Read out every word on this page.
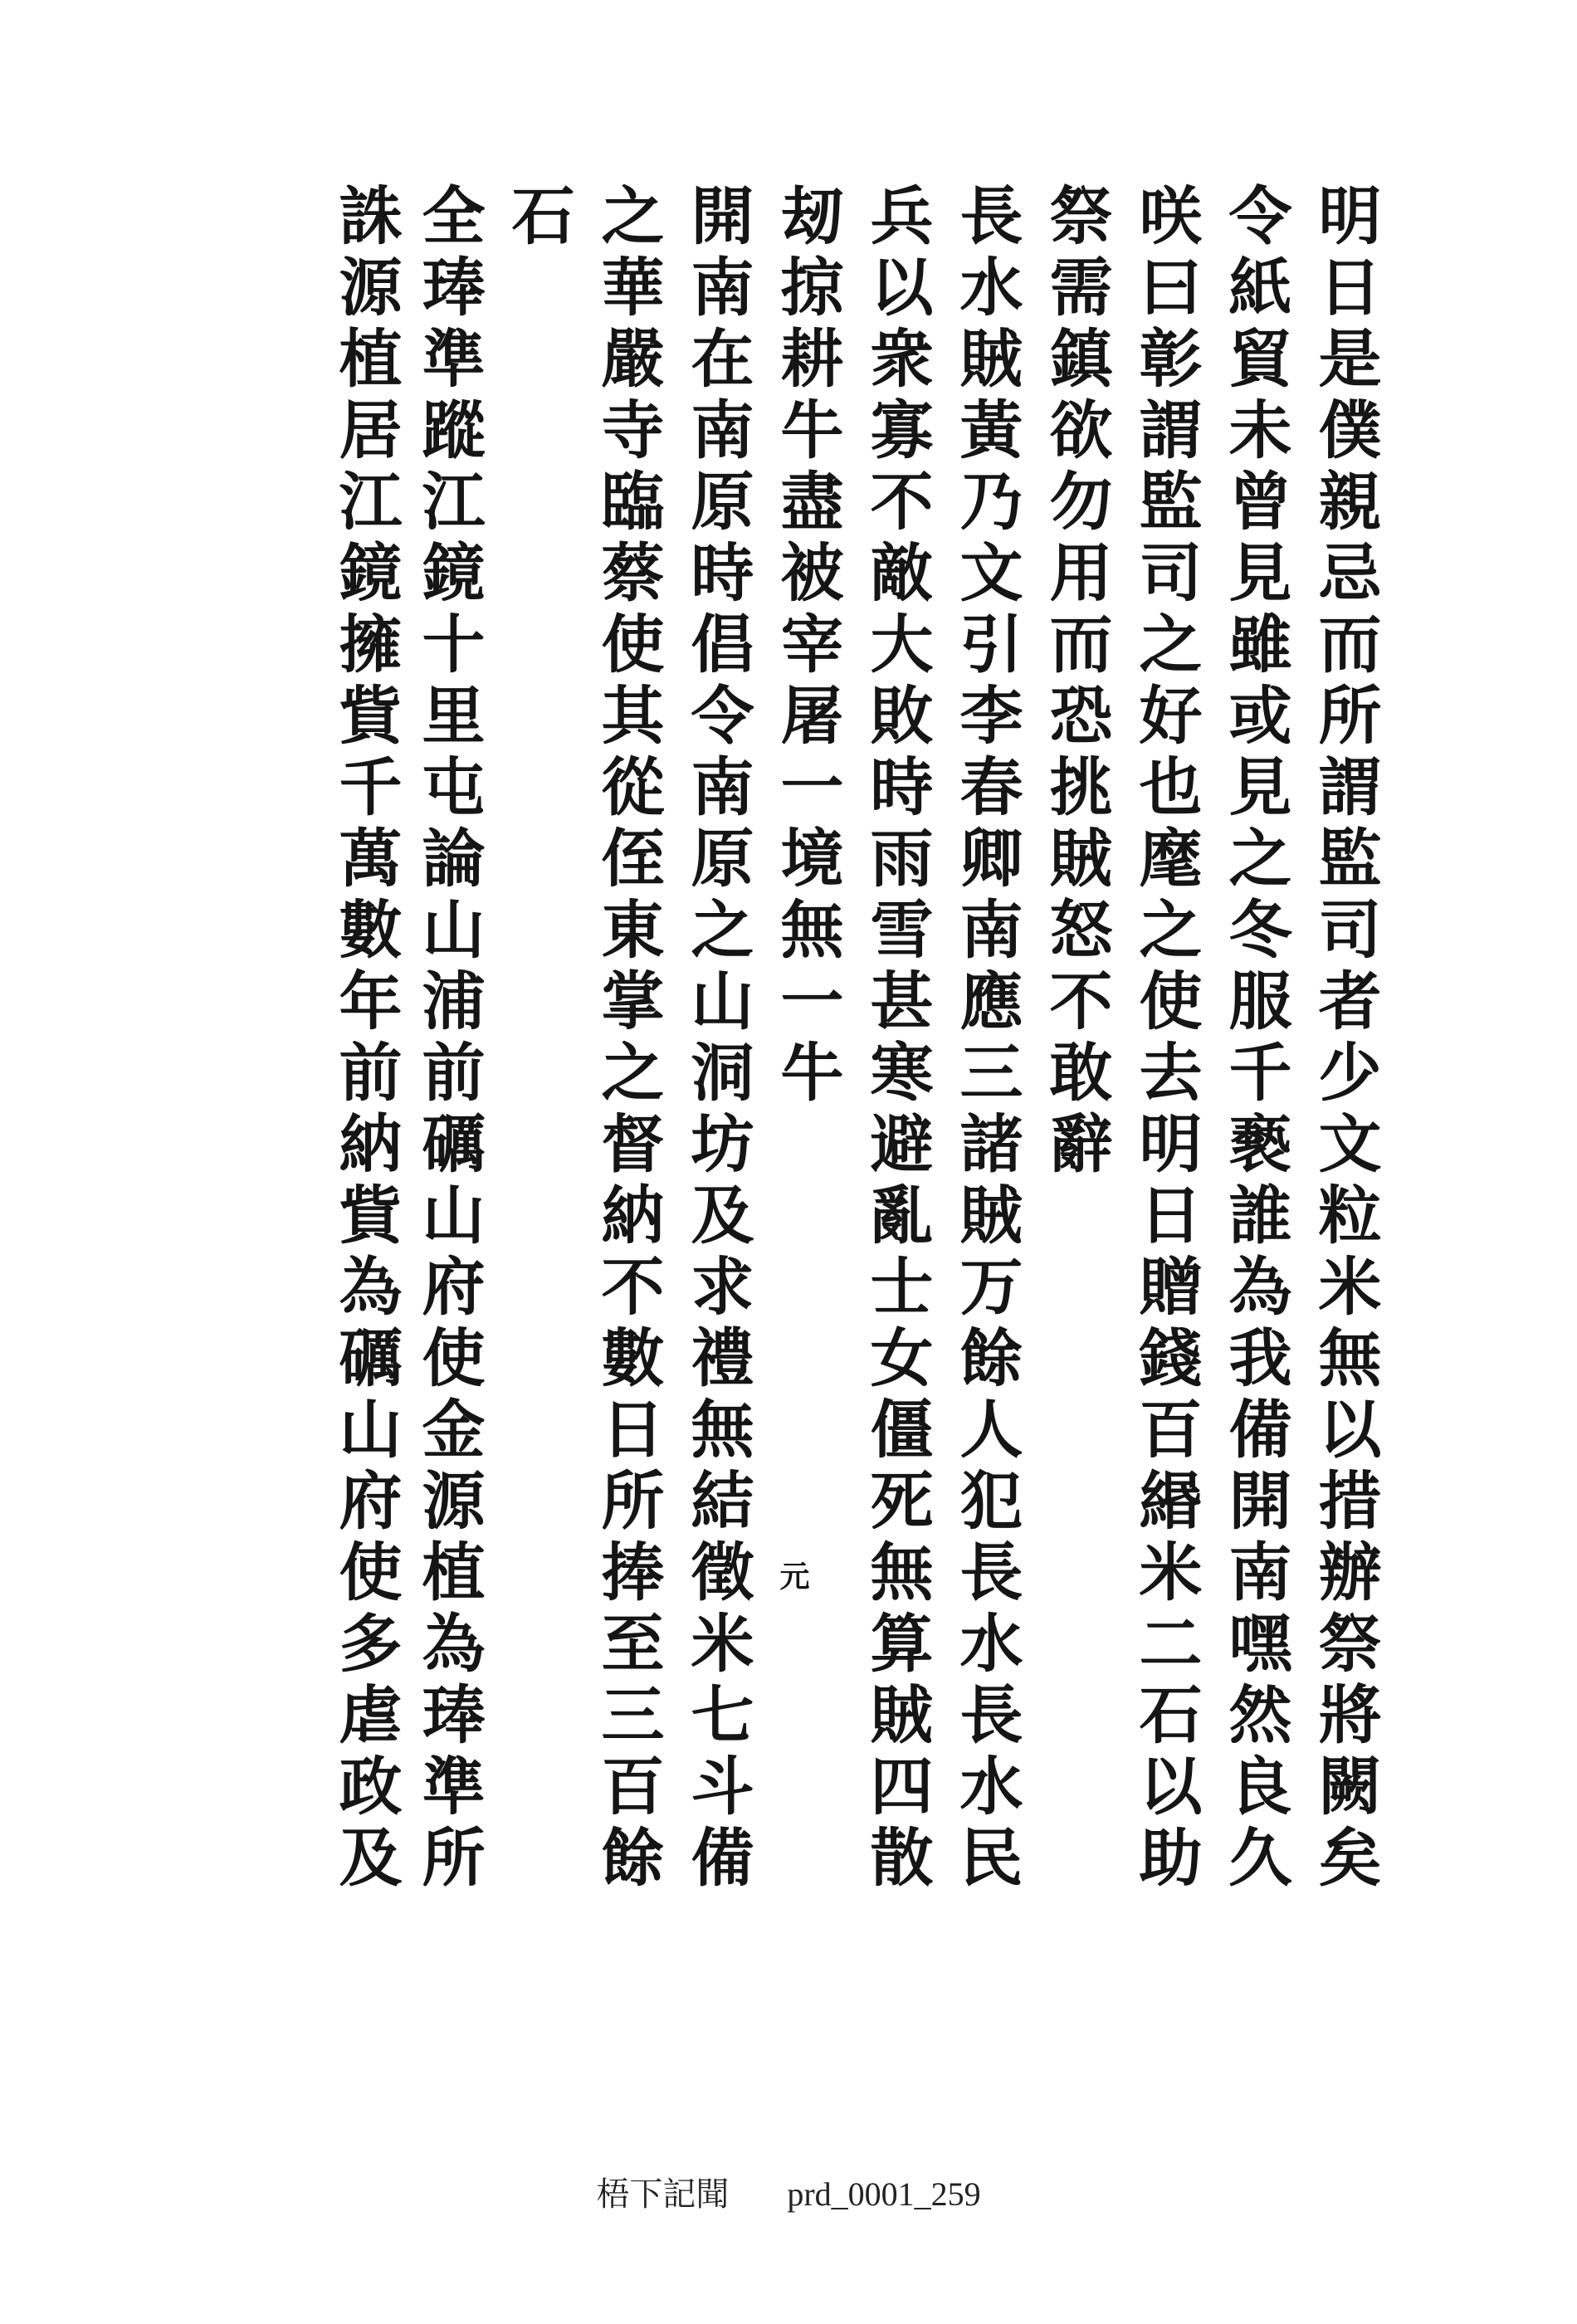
明日是僕親忌而所謂監司者少文粒米無以措辦祭將闕矣
令紙貿未曾見雖或見之冬服千褻誰為我備開南嘿然良久
咲曰彰謂監司之好也麾之使去明日贈錢百緡米二石以助
祭需鎮欲勿用而恐挑賊怒不敢辭
長水賊黃乃文引李春卿南應三諸賊万餘人犯長水長水民
兵以衆寡不敵大敗時雨雪甚寒避亂士女僵死無算賊四散
刼掠耕牛盡被宰屠一境無一牛
開南在南原時倡令南原之山洞坊及求禮無結徵米七斗備
之華嚴寺臨蔡使其從侄東掌之督納不數日所捧至三百餘
石
全琫準蹤江鏡十里屯論山浦前礪山府使金源植為琫準所
誅源植居江鏡擁貲千萬數年前納貲為礪山府使多虐政及	元
梧下記聞 prd_0001_259
